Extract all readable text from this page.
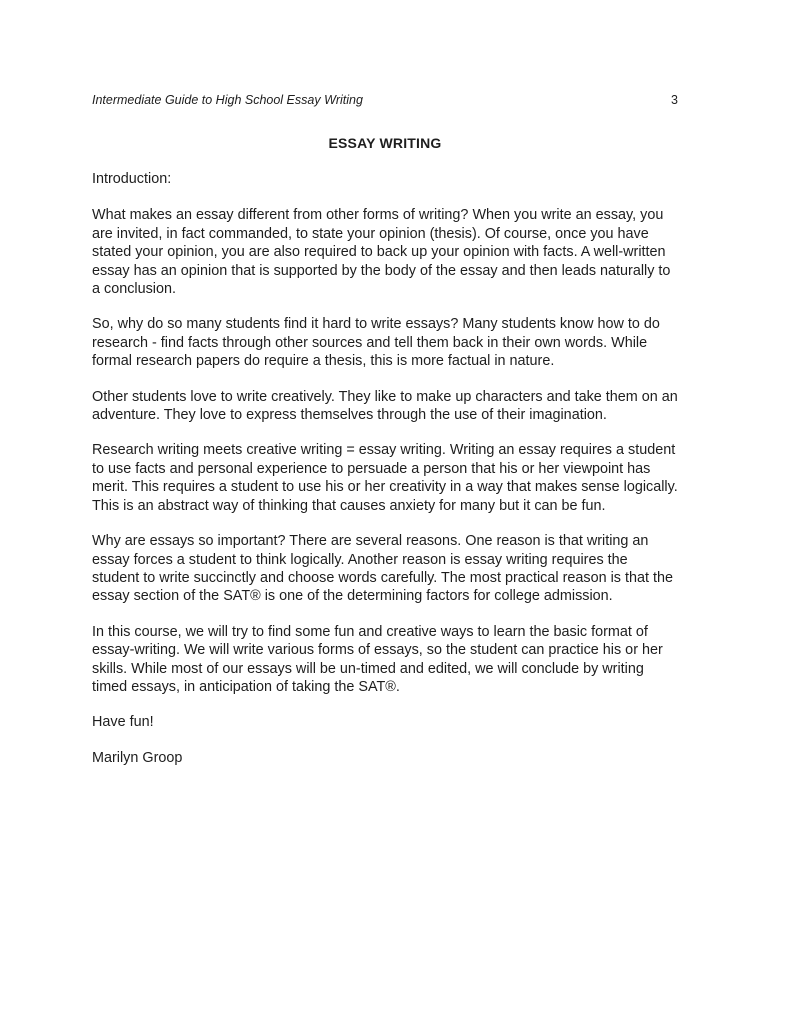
Intermediate Guide to High School Essay Writing	3
ESSAY WRITING

Introduction:

What makes an essay different from other forms of writing? When you write an essay, you are invited, in fact commanded, to state your opinion (thesis). Of course, once you have stated your opinion, you are also required to back up your opinion with facts. A well-written essay has an opinion that is supported by the body of the essay and then leads naturally to a conclusion.

So, why do so many students find it hard to write essays? Many students know how to do research - find facts through other sources and tell them back in their own words. While formal research papers do require a thesis, this is more factual in nature.

Other students love to write creatively. They like to make up characters and take them on an adventure. They love to express themselves through the use of their imagination.

Research writing meets creative writing = essay writing. Writing an essay requires a student to use facts and personal experience to persuade a person that his or her viewpoint has merit. This requires a student to use his or her creativity in a way that makes sense logically. This is an abstract way of thinking that causes anxiety for many but it can be fun.

Why are essays so important? There are several reasons. One reason is that writing an essay forces a student to think logically. Another reason is essay writing requires the student to write succinctly and choose words carefully. The most practical reason is that the essay section of the SAT® is one of the determining factors for college admission.

In this course, we will try to find some fun and creative ways to learn the basic format of essay-writing. We will write various forms of essays, so the student can practice his or her skills. While most of our essays will be un-timed and edited, we will conclude by writing timed essays, in anticipation of taking the SAT®.

Have fun!

Marilyn Groop
